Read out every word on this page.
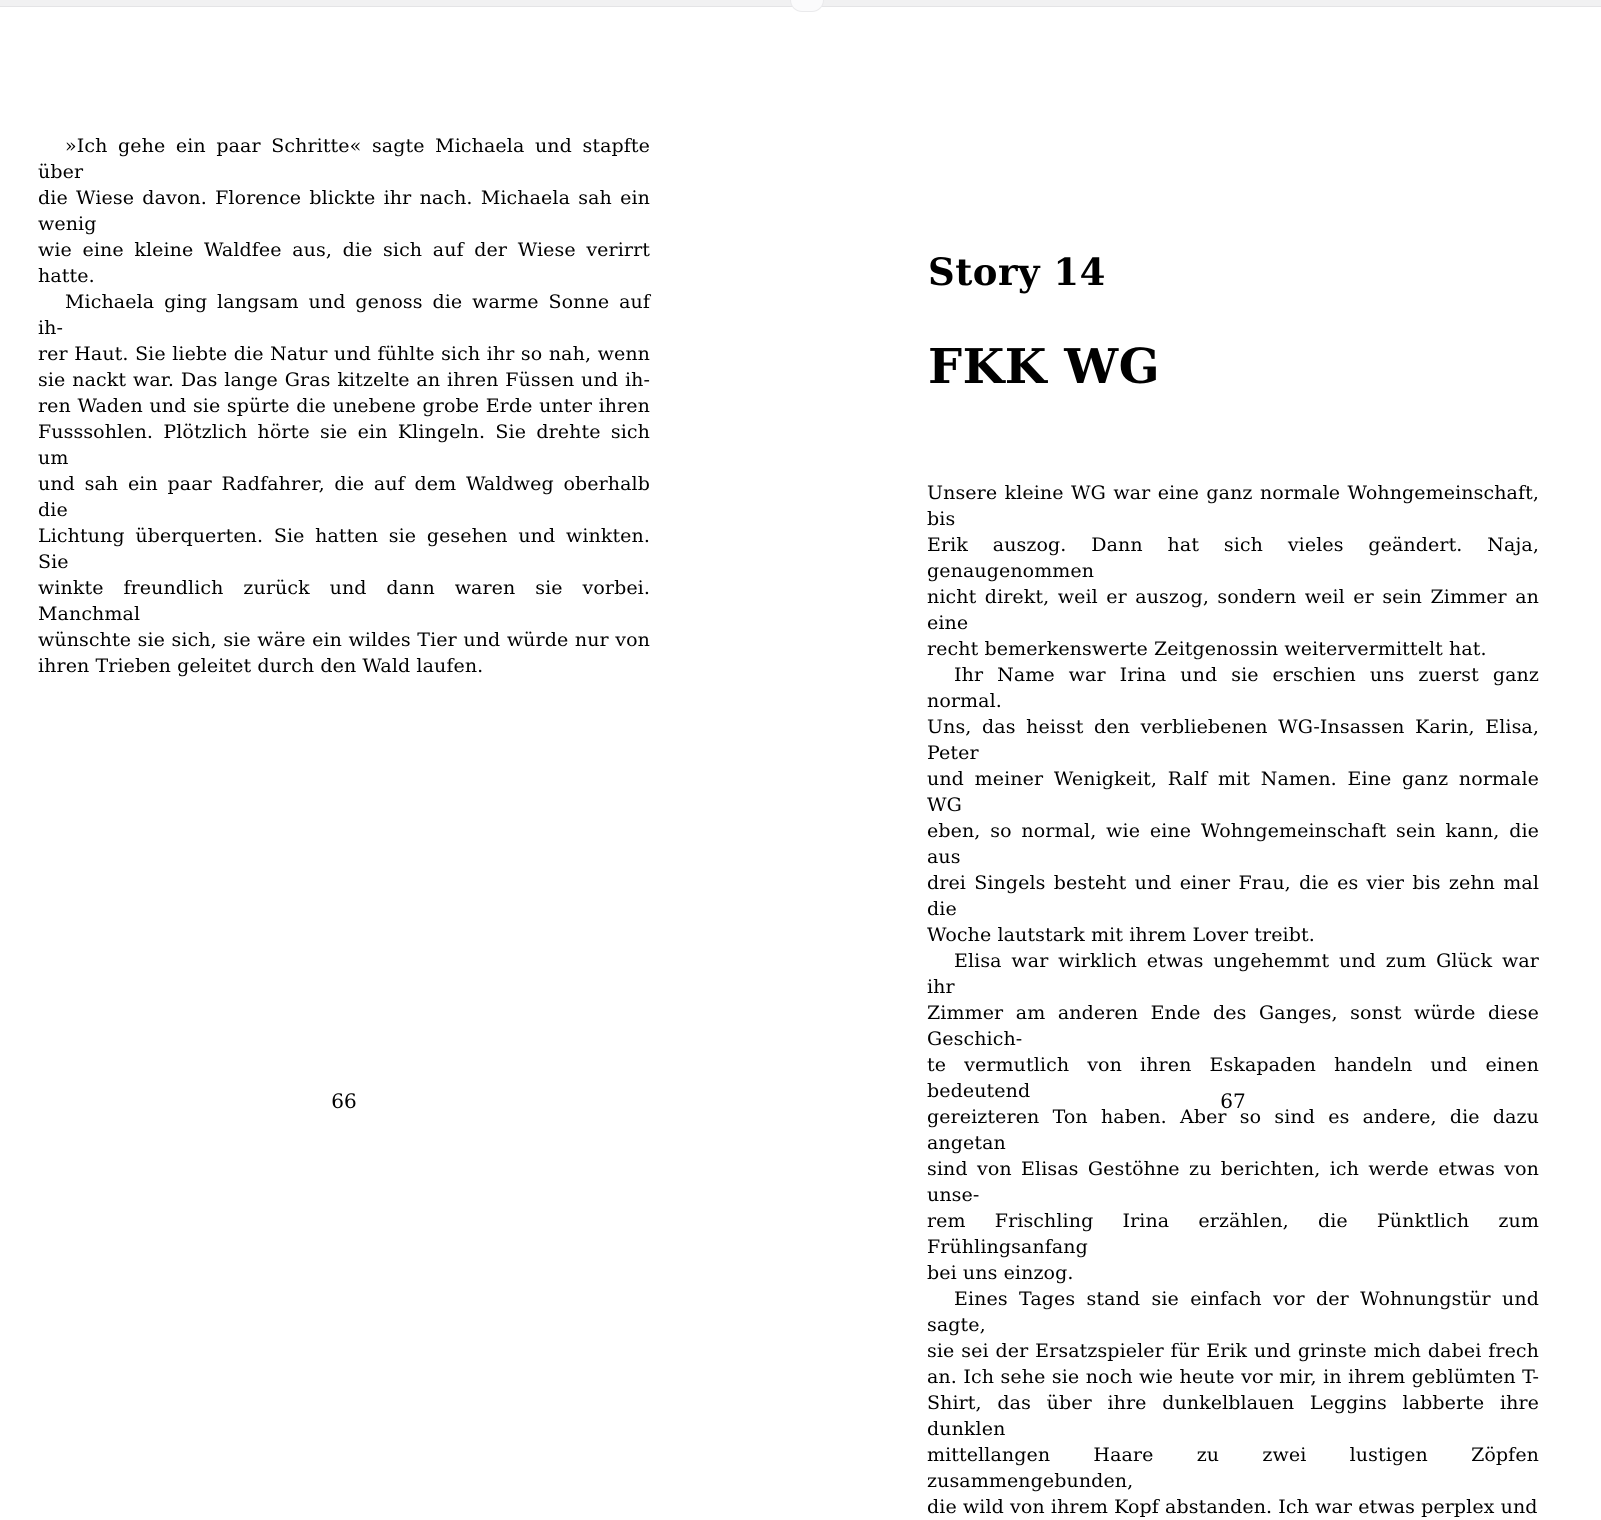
»Ich gehe ein paar Schritte« sagte Michaela und stapfte über
die Wiese davon. Florence blickte ihr nach. Michaela sah ein wenig
wie eine kleine Waldfee aus, die sich auf der Wiese verirrt hatte.
Michaela ging langsam und genoss die warme Sonne auf ih-
rer Haut. Sie liebte die Natur und fühlte sich ihr so nah, wenn
sie nackt war. Das lange Gras kitzelte an ihren Füssen und ih-
ren Waden und sie spürte die unebene grobe Erde unter ihren
Fusssohlen. Plötzlich hörte sie ein Klingeln. Sie drehte sich um
und sah ein paar Radfahrer, die auf dem Waldweg oberhalb die
Lichtung überquerten. Sie hatten sie gesehen und winkten. Sie
winkte freundlich zurück und dann waren sie vorbei. Manchmal
wünschte sie sich, sie wäre ein wildes Tier und würde nur von
ihren Trieben geleitet durch den Wald laufen.
66
Story 14
FKK WG
Unsere kleine WG war eine ganz normale Wohngemeinschaft, bis
Erik auszog. Dann hat sich vieles geändert. Naja, genaugenommen
nicht direkt, weil er auszog, sondern weil er sein Zimmer an eine
recht bemerkenswerte Zeitgenossin weitervermittelt hat.
Ihr Name war Irina und sie erschien uns zuerst ganz normal.
Uns, das heisst den verbliebenen WG-Insassen Karin, Elisa, Peter
und meiner Wenigkeit, Ralf mit Namen. Eine ganz normale WG
eben, so normal, wie eine Wohngemeinschaft sein kann, die aus
drei Singels besteht und einer Frau, die es vier bis zehn mal die
Woche lautstark mit ihrem Lover treibt.
Elisa war wirklich etwas ungehemmt und zum Glück war ihr
Zimmer am anderen Ende des Ganges, sonst würde diese Geschich-
te vermutlich von ihren Eskapaden handeln und einen bedeutend
gereizteren Ton haben. Aber so sind es andere, die dazu angetan
sind von Elisas Gestöhne zu berichten, ich werde etwas von unse-
rem Frischling Irina erzählen, die Pünktlich zum Frühlingsanfang
bei uns einzog.
Eines Tages stand sie einfach vor der Wohnungstür und sagte,
sie sei der Ersatzspieler für Erik und grinste mich dabei frech
an. Ich sehe sie noch wie heute vor mir, in ihrem geblümten T-
Shirt, das über ihre dunkelblauen Leggins labberte ihre dunklen
mittellangen Haare zu zwei lustigen Zöpfen zusammengebunden,
die wild von ihrem Kopf abstanden. Ich war etwas perplex und
67
